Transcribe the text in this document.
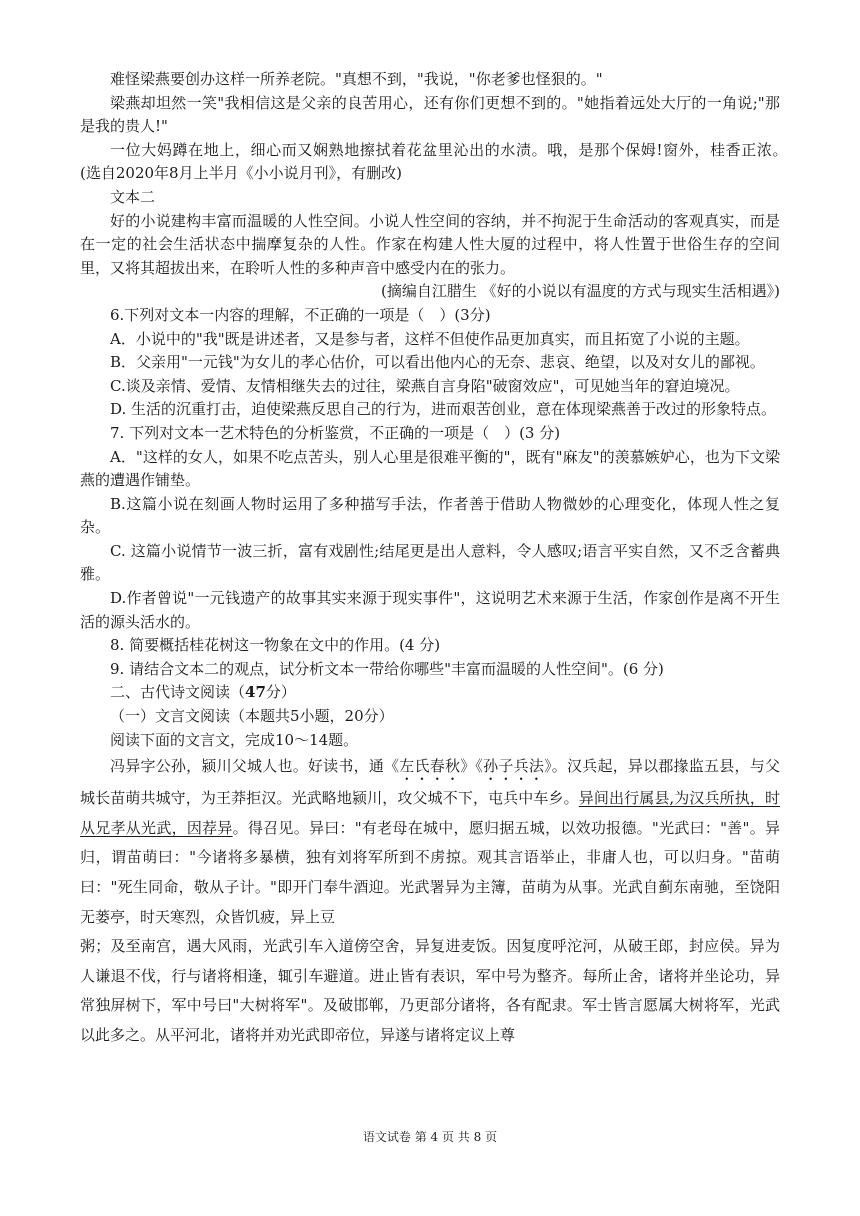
难怪梁燕要创办这样一所养老院。"真想不到，"我说，"你老爹也怪狠的。"

梁燕却坦然一笑"我相信这是父亲的良苦用心，还有你们更想不到的。"她指着远处大厅的一角说;"那是我的贵人!"

一位大妈蹲在地上，细心而又娴熟地擦拭着花盆里沁出的水渍。哦，是那个保姆!窗外，桂香正浓。　　(选自2020年8月上半月《小小说月刊》，有删改)

文本二

好的小说建构丰富而温暖的人性空间。小说人性空间的容纳，并不拘泥于生命活动的客观真实，而是在一定的社会生活状态中揣摩复杂的人性。作家在构建人性大厦的过程中，将人性置于世俗生存的空间里，又将其超拔出来，在聆听人性的多种声音中感受内在的张力。

(摘编自江腊生 《好的小说以有温度的方式与现实生活相遇》)

6.下列对文本一内容的理解，不正确的一项是（　）(3分)

A．小说中的"我"既是讲述者，又是参与者，这样不但使作品更加真实，而且拓宽了小说的主题。

B．父亲用"一元钱"为女儿的孝心估价，可以看出他内心的无奈、悲哀、绝望，以及对女儿的鄙视。

C.谈及亲情、爱情、友情相继失去的过往，梁燕自言身陷"破窗效应"，可见她当年的窘迫境况。

D. 生活的沉重打击，迫使梁燕反思自己的行为，进而艰苦创业，意在体现梁燕善于改过的形象特点。

7. 下列对文本一艺术特色的分析鉴赏，不正确的一项是（　）(3 分)

A．"这样的女人，如果不吃点苦头，别人心里是很难平衡的"，既有"麻友"的羡慕嫉妒心，也为下文梁燕的遭遇作铺垫。

B.这篇小说在刻画人物时运用了多种描写手法，作者善于借助人物微妙的心理变化，体现人性之复杂。

C. 这篇小说情节一波三折，富有戏剧性;结尾更是出人意料，令人感叹;语言平实自然，又不乏含蓄典雅。

D.作者曾说"一元钱遗产的故事其实来源于现实事件"，这说明艺术来源于生活，作家创作是离不开生活的源头活水的。

8. 简要概括桂花树这一物象在文中的作用。(4 分)

9. 请结合文本二的观点，试分析文本一带给你哪些"丰富而温暖的人性空间"。(6 分)

二、古代诗文阅读（47分）

（一）文言文阅读（本题共5小题，20分）

阅读下面的文言文，完成10～14题。

冯异字公孙，颍川父城人也。好读书，通《左氏春秋》《孙子兵法》。汉兵起，异以郡掾监五县，与父城长苗萌共城守，为王莽拒汉。光武略地颍川，攻父城不下，屯兵中车乡。异间出行属县,为汉兵所执，时从兄孝从光武，因荐异。得召见。异曰："有老母在城中，愿归据五城，以效功报德。"光武曰："善"。异归，谓苗萌曰："今诸将多暴横，独有刘将军所到不虏掠。观其言语举止，非庸人也，可以归身。"苗萌曰："死生同命，敬从子计。"即开门奉牛酒迎。光武署异为主簿，苗萌为从事。光武自蓟东南驰，至饶阳无蒌亭，时天寒烈，众皆饥疲，异上豆

粥；及至南宫，遇大风雨，光武引车入道傍空舍，异复进麦饭。因复度呼沱河，从破王郎，封应侯。异为人谦退不伐，行与诸将相逢，辄引车避道。进止皆有表识，军中号为整齐。每所止舍，诸将并坐论功，异常独屏树下，军中号曰"大树将军"。及破邯郸，乃更部分诸将，各有配隶。军士皆言愿属大树将军，光武以此多之。从平河北，诸将并劝光武即帝位，异遂与诸将定议上尊

语文试卷 第 4 页 共 8 页
